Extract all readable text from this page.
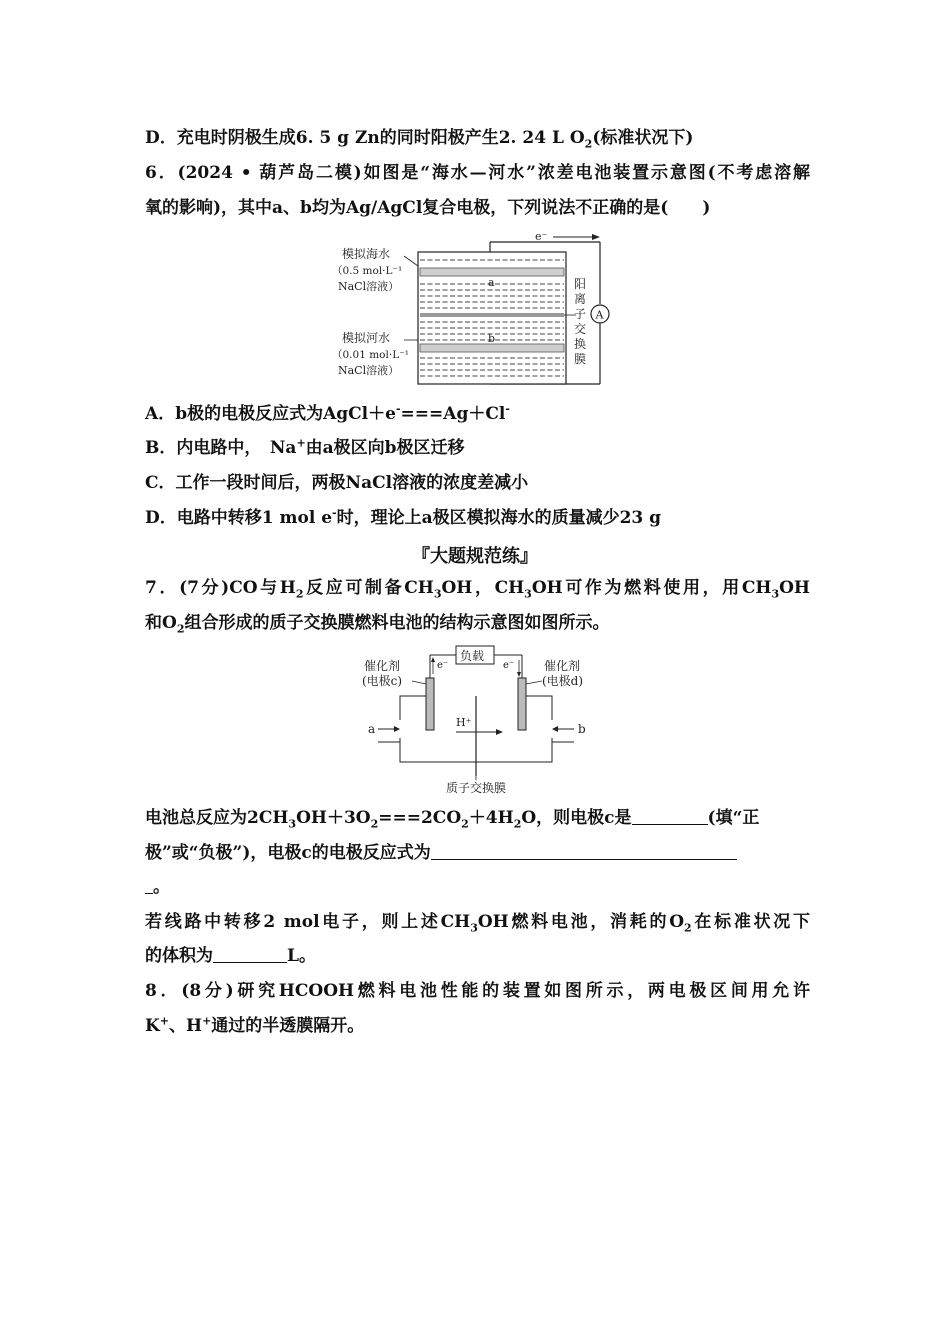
D．充电时阴极生成6. 5 g Zn的同时阳极产生2. 24 L $O_2$(标准状况下)
6．(2024 • 葫芦岛二模)如图是“海水—河水”浓差电池装置示意图(不考虑溶解
氧的影响)，其中a、b均为Ag/AgCl复合电极，下列说法不正确的是(　　)
e⁻
A
a
b
模拟海水
（0.5 mol·L⁻¹
NaCl溶液）
模拟河水
（0.01 mol·L⁻¹
NaCl溶液）
阳
离
子
交
换
膜
A．b极的电极反应式为AgCl＋e-===Ag＋Cl-
B．内电路中，　Na+由a极区向b极区迁移
C．工作一段时间后，两极NaCl溶液的浓度差减小
D．电路中转移1 mol e-时，理论上a极区模拟海水的质量减少23 g
『大题规范练』
7．(7分)CO与$H_2$反应可制备$CH_3OH$，$CH_3OH$可作为燃料使用，用$CH_3OH$
和$O_2$组合形成的质子交换膜燃料电池的结构示意图如图所示。
负载
e⁻	e⁻
H⁺
a	b
催化剂
(电极c)
催化剂
(电极d)
质子交换膜
电池总反应为$2CH_3OH+3O_2===2CO_2+4H_2O$，则电极c是	(填“正
极”或“负极”)，电极c的电极反应式为
。
若线路中转移2 mol电子，则上述$CH_3OH$燃料电池，消耗的$O_2$在标准状况下
的体积为	L。
8．(8分)研究HCOOH燃料电池性能的装置如图所示，两电极区间用允许
K+、H+通过的半透膜隔开。
